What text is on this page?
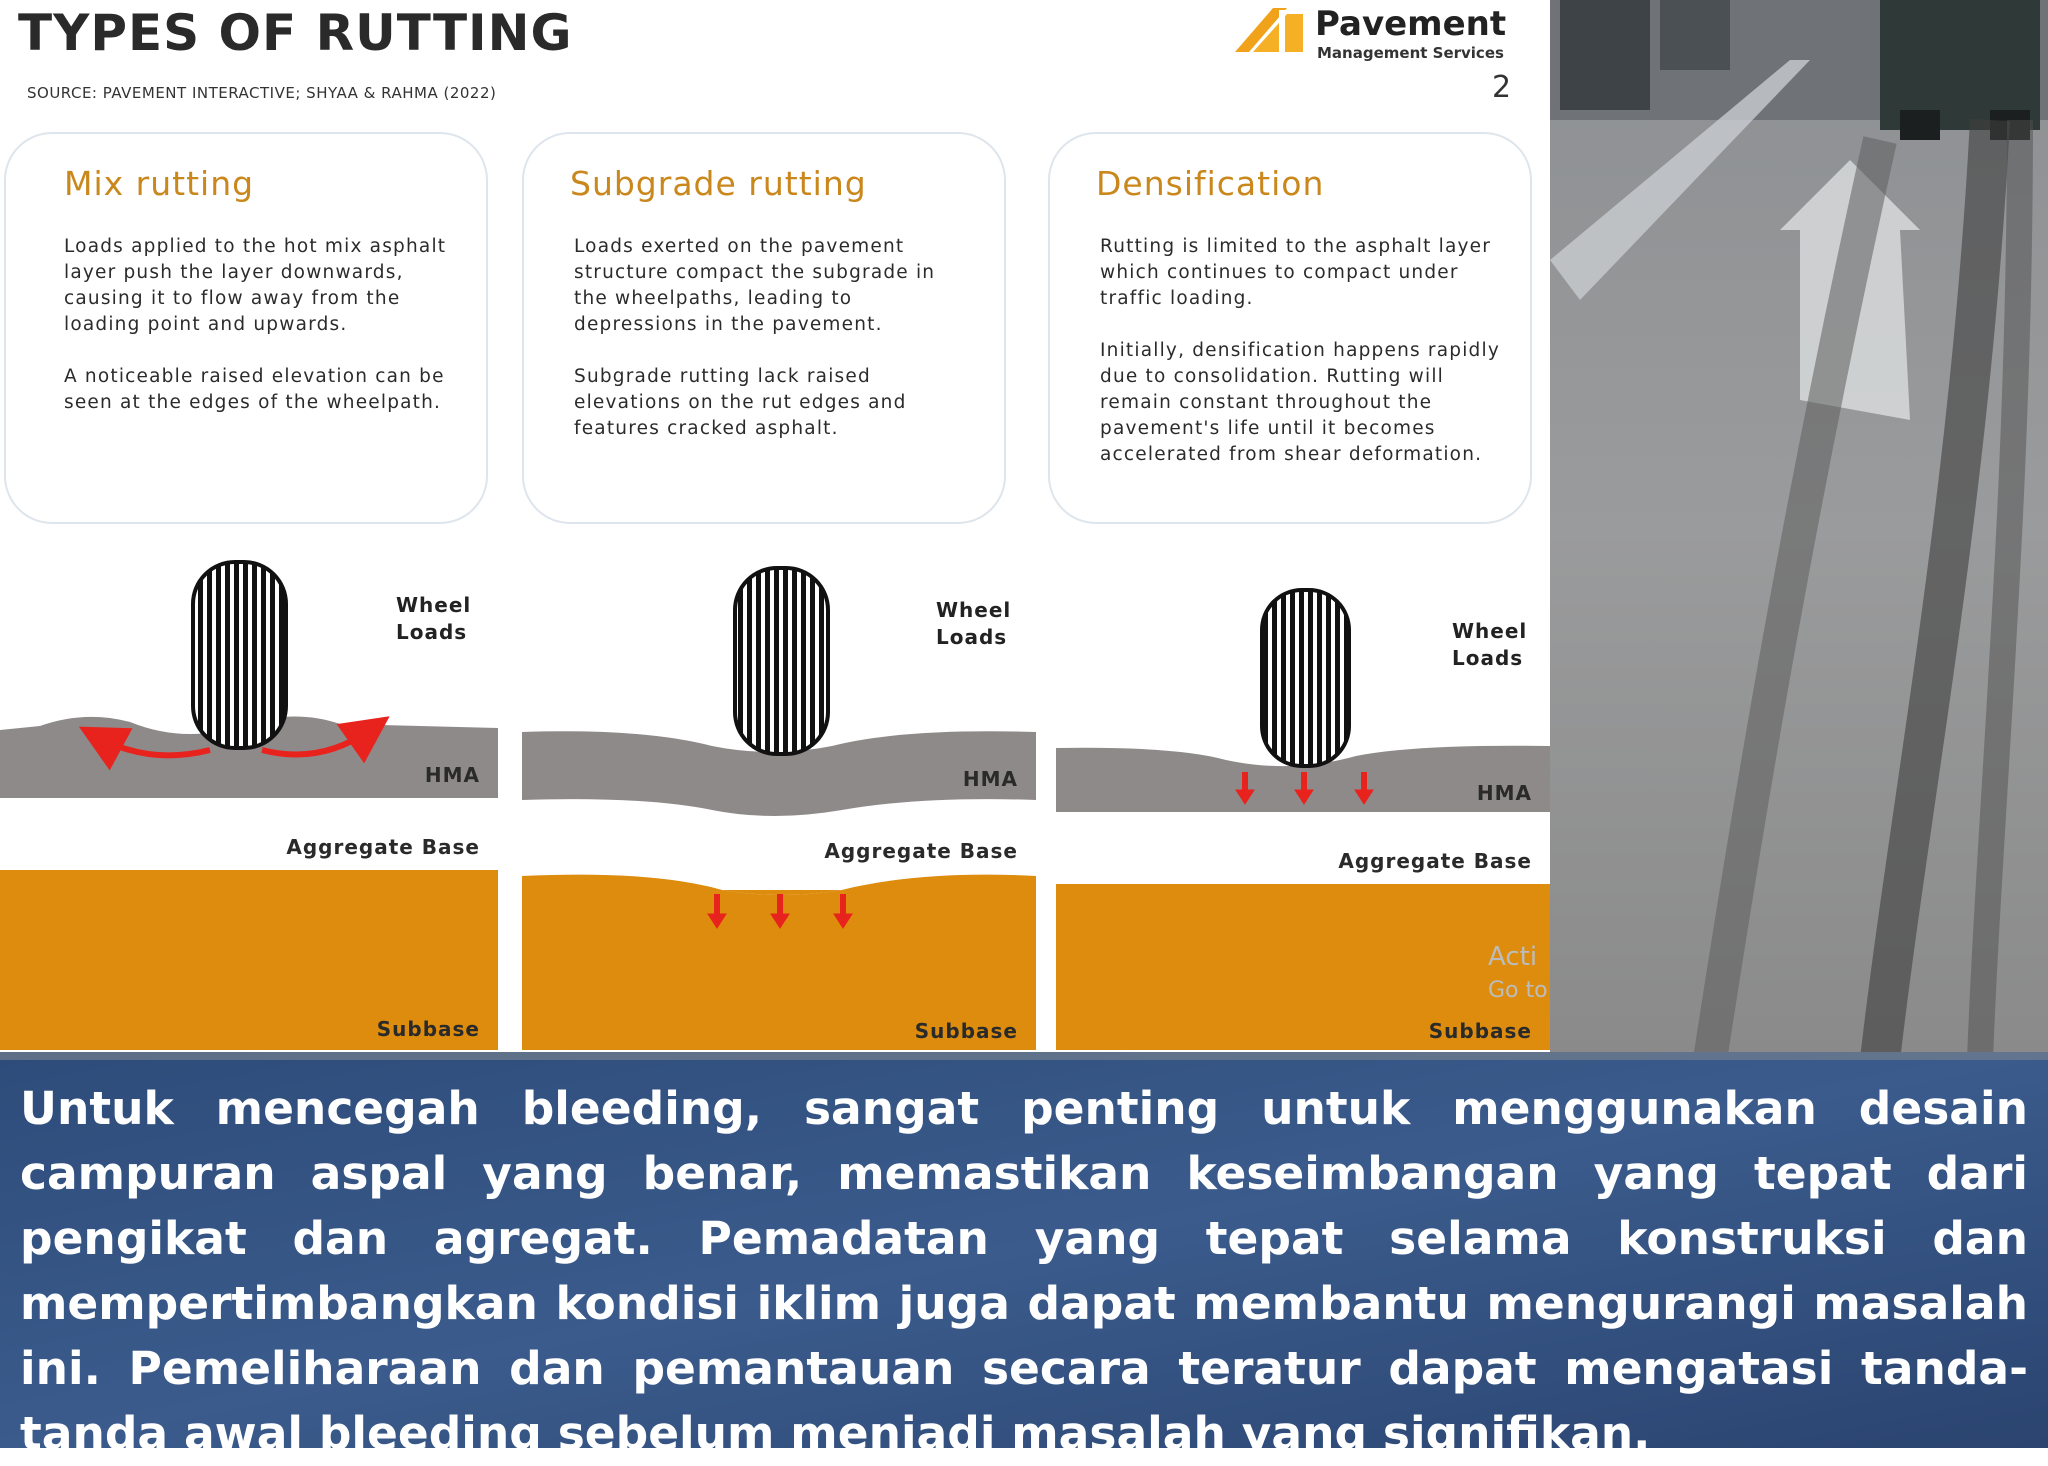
TYPES OF RUTTING
SOURCE: PAVEMENT INTERACTIVE; SHYAA & RAHMA (2022)
Pavement
Management Services
2
Mix rutting

Loads applied to the hot mix asphalt layer push the layer downwards, causing it to flow away from the loading point and upwards.

A noticeable raised elevation can be seen at the edges of the wheelpath.

Subgrade rutting

Loads exerted on the pavement structure compact the subgrade in the wheelpaths, leading to depressions in the pavement.

Subgrade rutting lack raised elevations on the rut edges and features cracked asphalt.

Densification

Rutting is limited to the asphalt layer which continues to compact under traffic loading.

Initially, densification happens rapidly due to consolidation. Rutting will remain constant throughout the pavement's life until it becomes accelerated from shear deformation.

Wheel
Loads
HMA
Aggregate Base
Subbase
Wheel
Loads
HMA
Aggregate Base
Subbase
Wheel
Loads
HMA
Aggregate Base
Subbase
Acti
Go to
Untuk mencegah bleeding, sangat penting untuk menggunakan desain campuran aspal yang benar, memastikan keseimbangan yang tepat dari pengikat dan agregat. Pemadatan yang tepat selama konstruksi dan mempertimbangkan kondisi iklim juga dapat membantu mengurangi masalah ini. Pemeliharaan dan pemantauan secara teratur dapat mengatasi tanda-tanda awal bleeding sebelum menjadi masalah yang signifikan.
